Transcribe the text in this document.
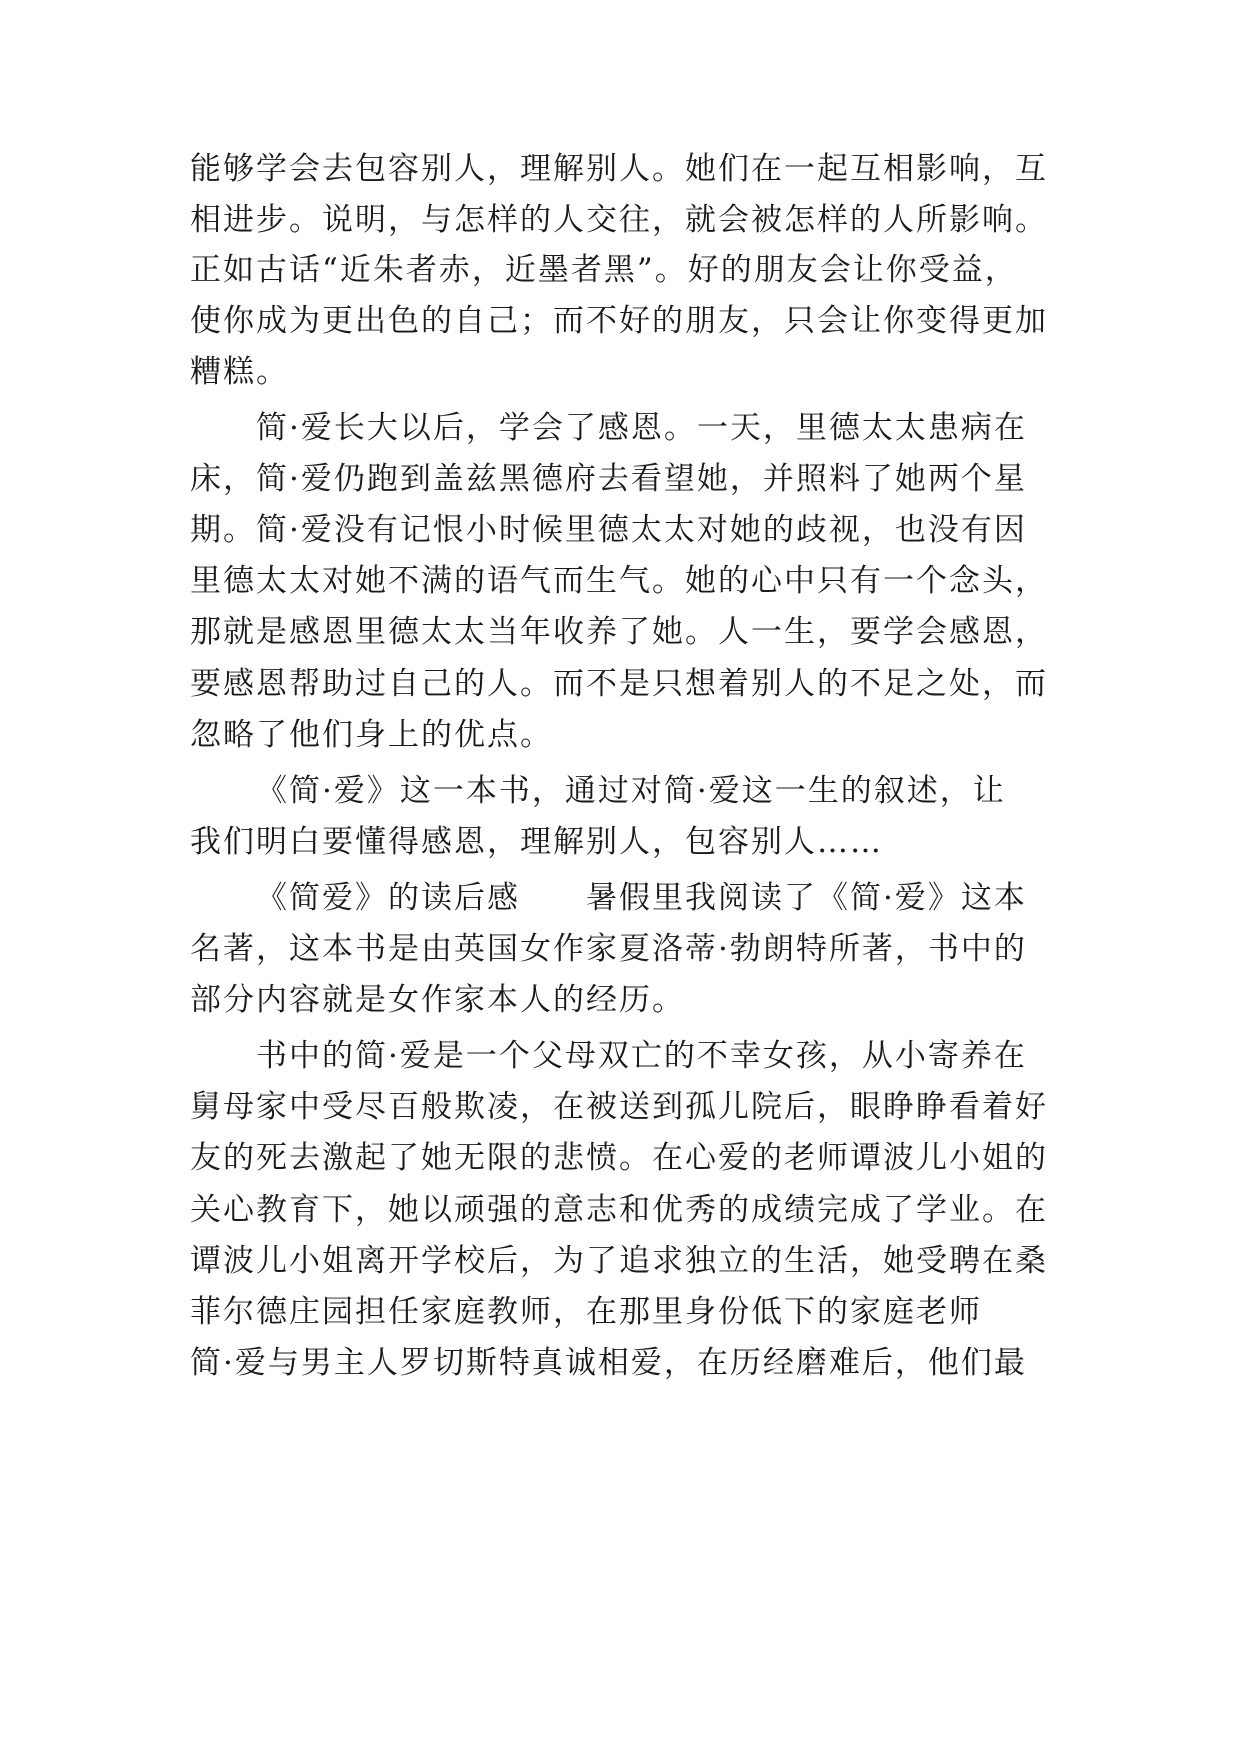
能够学会去包容别人，理解别人。她们在一起互相影响，互
相进步。说明，与怎样的人交往，就会被怎样的人所影响。
正如古话“近朱者赤，近墨者黑”。好的朋友会让你受益，
使你成为更出色的自己；而不好的朋友，只会让你变得更加
糟糕。
简·爱长大以后，学会了感恩。一天，里德太太患病在
床，简·爱仍跑到盖兹黑德府去看望她，并照料了她两个星
期。简·爱没有记恨小时候里德太太对她的歧视，也没有因
里德太太对她不满的语气而生气。她的心中只有一个念头，
那就是感恩里德太太当年收养了她。人一生，要学会感恩，
要感恩帮助过自己的人。而不是只想着别人的不足之处，而
忽略了他们身上的优点。
《简·爱》这一本书，通过对简·爱这一生的叙述，让
我们明白要懂得感恩，理解别人，包容别人……
《简爱》的读后感　　暑假里我阅读了《简·爱》这本
名著，这本书是由英国女作家夏洛蒂·勃朗特所著，书中的
部分内容就是女作家本人的经历。
书中的简·爱是一个父母双亡的不幸女孩，从小寄养在
舅母家中受尽百般欺凌，在被送到孤儿院后，眼睁睁看着好
友的死去激起了她无限的悲愤。在心爱的老师谭波儿小姐的
关心教育下，她以顽强的意志和优秀的成绩完成了学业。在
谭波儿小姐离开学校后，为了追求独立的生活，她受聘在桑
菲尔德庄园担任家庭教师，在那里身份低下的家庭老师
简·爱与男主人罗切斯特真诚相爱，在历经磨难后，他们最
